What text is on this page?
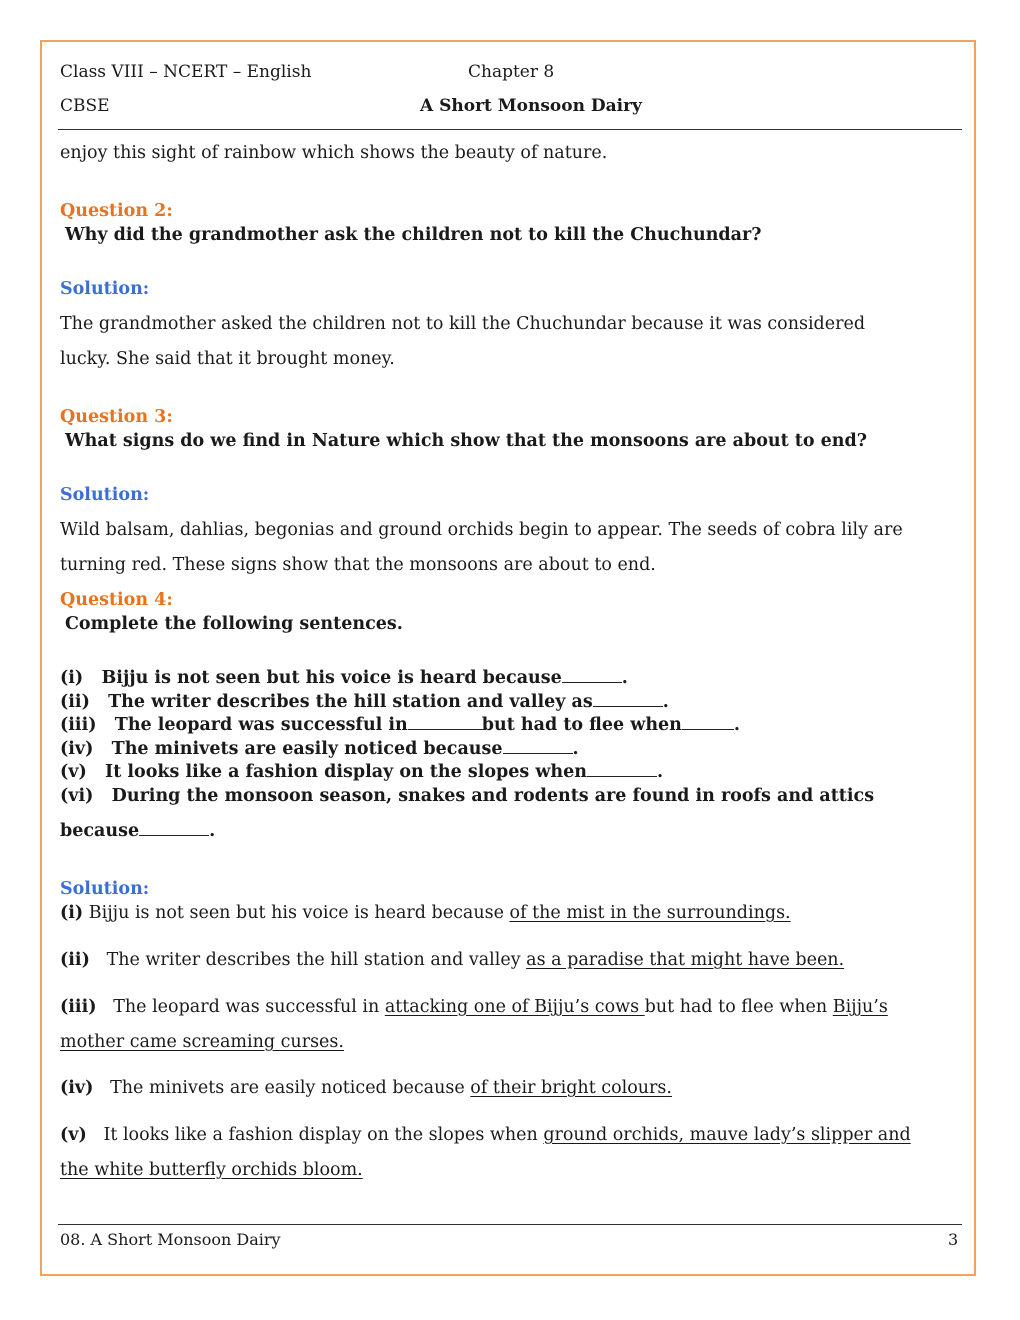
Class VIII – NCERT – English	Chapter 8
CBSE	A Short Monsoon Dairy
enjoy this sight of rainbow which shows the beauty of nature.
Question 2:
Why did the grandmother ask the children not to kill the Chuchundar?
Solution:
The grandmother asked the children not to kill the Chuchundar because it was considered
lucky. She said that it brought money.
Question 3:
What signs do we find in Nature which show that the monsoons are about to end?
Solution:
Wild balsam, dahlias, begonias and ground orchids begin to appear. The seeds of cobra lily are
turning red. These signs show that the monsoons are about to end.
Question 4:
Complete the following sentences.
(i) Bijju is not seen but his voice is heard because	.
(ii) The writer describes the hill station and valley as	.
(iii) The leopard was successful in	but had to flee when	.
(iv) The minivets are easily noticed because	.
(v) It looks like a fashion display on the slopes when	.
(vi) During the monsoon season, snakes and rodents are found in roofs and attics
because	.
Solution:
(i) Bijju is not seen but his voice is heard because of the mist in the surroundings.
(ii) The writer describes the hill station and valley as a paradise that might have been.
(iii) The leopard was successful in attacking one of Bijju’s cows but had to flee when Bijju’s
mother came screaming curses.
(iv) The minivets are easily noticed because of their bright colours.
(v) It looks like a fashion display on the slopes when ground orchids, mauve lady’s slipper and
the white butterfly orchids bloom.
08. A Short Monsoon Dairy	3
